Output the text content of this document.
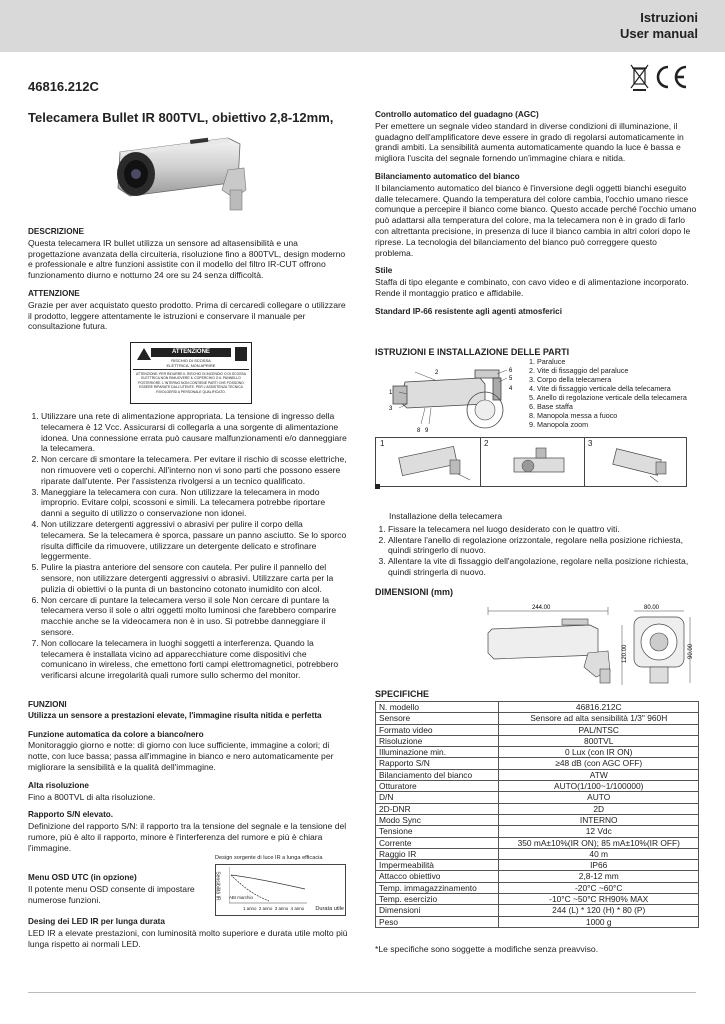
Istruzioni
User manual
46816.212C
Telecamera Bullet IR 800TVL, obiettivo 2,8-12mm,
DESCRIZIONE

Questa telecamera IR bullet utilizza un sensore ad altasensibilità e una progettazione avanzata della circuiteria, risoluzione fino a 800TVL, design moderno e professionale e altre funzioni assistite con il modello del filtro IR-CUT offrono funzionamento diurno e notturno 24 ore su 24 senza difficoltà.

ATTENZIONE

Grazie per aver acquistato questo prodotto. Prima di cercaredi collegare o utilizzare il prodotto, leggere attentamente le istruzioni e conservare il manuale per consultazione futura.

ATTENZIONE
RISCHIO DI SCOSSA
ELETTRICA, NON APRIRE
ATTENZIONE: PER RIDURRE IL RISCHIO DI INCENDIO O DI SCOSSA ELETTRICA NON RIMUOVERE IL COPERCHIO O IL PANNELLO POSTERIORE. L'INTERNO NON CONTIENE PARTI CHE POSSONO ESSERE RIPARATE DALL'UTENTE. PER L'ASSISTENZA TECNICA RIVOLGERSI A PERSONALE QUALIFICATO.
1. Utilizzare una rete di alimentazione appropriata. La tensione di ingresso della telecamera è 12 Vcc. Assicurarsi di collegarla a una sorgente di alimentazione idonea. Una connessione errata può causare malfunzionamenti e/o danneggiare la telecamera.
2. Non cercare di smontare la telecamera. Per evitare il rischio di scosse elettriche, non rimuovere veti o coperchi. All'interno non vi sono parti che possono essere riparate dall'utente. Per l'assistenza rivolgersi a un tecnico qualificato.
3. Maneggiare la telecamera con cura. Non utilizzare la telecamera in modo improprio. Evitare colpi, scossoni e simili. La telecamera potrebbe riportare danni a seguito di utilizzo o conservazione non idonei.
4. Non utilizzare detergenti aggressivi o abrasivi per pulire il corpo della telecamera. Se la telecamera è sporca, passare un panno asciutto. Se lo sporco risulta difficile da rimuovere, utilizzare un detergente delicato e strofinare leggermente.
5. Pulire la piastra anteriore del sensore con cautela. Per pulire il pannello del sensore, non utilizzare detergenti aggressivi o abrasivi. Utilizzare carta per la pulizia di obiettivi o la punta di un bastoncino cotonato inumidito con alcol.
6. Non cercare di puntare la telecamera verso il sole Non cercare di puntare la telecamera verso il sole o altri oggetti molto luminosi che farebbero comparire macchie anche se la videocamera non è in uso. Si potrebbe danneggiare il sensore.
7. Non collocare la telecamera in luoghi soggetti a interferenza. Quando la telecamera è installata vicino ad apparecchiature come dispositivi che comunicano in wireless, che emettono forti campi elettromagnetici, potrebbero verificarsi alcune irregolarità quali rumore sullo schermo del monitor.
FUNZIONI

Utilizza un sensore a prestazioni elevate, l'immagine risulta nitida e perfetta

Funzione automatica da colore a bianco/nero

Monitoraggio giorno e notte: di giorno con luce sufficiente, immagine a colori; di notte, con luce bassa; passa all'immagine in bianco e nero automaticamente per migliorare la sensibilità e la qualità dell'immagine.

Alta risoluzione

Fino a 800TVL di alta risoluzione.

Rapporto S/N elevato.

Definizione del rapporto S/N: il rapporto tra la tensione del segnale e la tensione del rumore, più è alto il rapporto, minore è l'interferenza del rumore e più è chiara l'immagine.

Menu OSD UTC (in opzione)

Il potente menu OSD consente di impostare numerose funzioni.

Design sorgente di luce IR a lunga efficacia
Sensibilità IR ABI marchio
1 anno 2 anno 3 anno 4 anno Durata utile
Desing dei LED IR per lunga durata

LED IR a elevate prestazioni, con luminosità molto superiore e durata utile molto più lunga rispetto ai normali LED.

Controllo automatico del guadagno (AGC)

Per emettere un segnale video standard in diverse condizioni di illuminazione, il guadagno dell'amplificatore deve essere in grado di regolarsi automaticamente in grandi ambiti. La sensibilità aumenta automaticamente quando la luce è bassa e migliora l'uscita del segnale fornendo un'immagine chiara e nitida.

Bilanciamento automatico del bianco

Il bilanciamento automatico del bianco è l'inversione degli oggetti bianchi eseguito dalle telecamere. Quando la temperatura del colore cambia, l'occhio umano riesce comunque a percepire il bianco come bianco. Questo accade perché l'occhio umano può adattarsi alla temperatura del colore, ma la telecamera non è in grado di farlo con altrettanta precisione, in presenza di luce il bianco cambia in altri colori dopo le riprese. La tecnologia del bilanciamento del bianco può correggere questo problema.

Stile

Staffa di tipo elegante e combinato, con cavo video e di alimentazione incorporato. Rende il montaggio pratico e affidabile.

Standard IP-66 resistente agli agenti atmosferici

ISTRUZIONI E INSTALLAZIONE DELLE PARTI
2	6
5
1
4
3
8 9
1. Paraluce
2. Vite di fissaggio del paraluce
3. Corpo della telecamera
4. Vite di fissaggio verticale della telecamera
5. Anello di regolazione verticale della telecamera
6. Base staffa
8. Manopola messa a fuoco
9. Manopola zoom
1	2	3

Installazione della telecamera

1. Fissare la telecamera nel luogo desiderato con le quattro viti.
2. Allentare l'anello di regolazione orizzontale, regolare nella posizione richiesta, quindi stringerlo di nuovo.
3. Allentare la vite di fissaggio dell'angolazione, regolare nella posizione richiesta, quindi stringerla di nuovo.
DIMENSIONI (mm)
244.00
120.00
80.00
90.00
SPECIFICHE
N. modello	46816.212C
Sensore	Sensore ad alta sensibilità 1/3" 960H
Formato video	PAL/NTSC
Risoluzione	800TVL
Illuminazione min.	0 Lux (con IR ON)
Rapporto S/N	≥48 dB (con AGC OFF)
Bilanciamento del bianco	ATW
Otturatore	AUTO(1/100~1/100000)
D/N	AUTO
2D-DNR	2D
Modo Sync	INTERNO
Tensione	12 Vdc
Corrente	350 mA±10%(IR ON); 85 mA±10%(IR OFF)
Raggio IR	40 m
Impermeabilità	IP66
Attacco obiettivo	2,8-12 mm
Temp. immagazzinamento	-20°C ~60°C
Temp. esercizio	-10°C ~50°C RH90% MAX
Dimensioni	244 (L) * 120 (H) * 80 (P)
Peso	1000 g
*Le specifiche sono soggette a modifiche senza preavviso.
